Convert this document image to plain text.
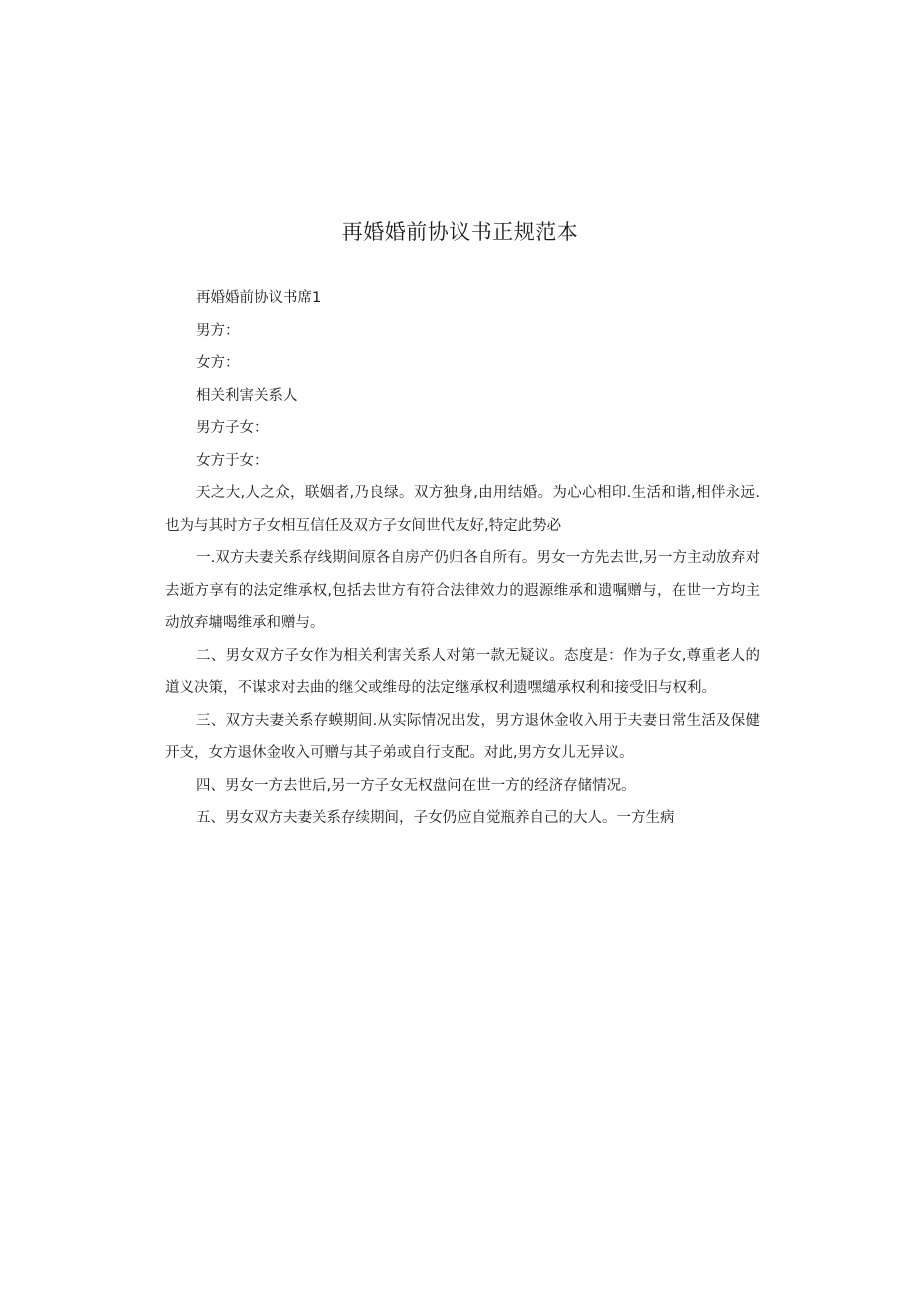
再婚婚前协议书正规范本

再婚婚前协议书席1

男方：

女方：

相关利害关系人

男方子女：

女方于女：

天之大,人之众，联姻者,乃良绿。双方独身,由用结婚。为心心相印.生活和谐,相伴永远.也为与其时方子女相互信任及双方子女间世代友好,特定此势必

一.双方夫妻关系存线期间原各自房产仍归各自所有。男女一方先去世,另一方主动放弃对去逝方享有的法定维承权,包括去世方有符合法律效力的遐源维承和遗嘱赠与，在世一方均主动放弃墉喝维承和赠与。

二、男女双方子女作为相关利害关系人对第一款无疑议。态度是：作为子女,尊重老人的道义决策，不谋求对去曲的继父或维母的法定继承权利遗嘿缱承权利和接受旧与权利。

三、双方夫妻关系存蟆期间.从实际情况出发，男方退休金收入用于夫妻日常生活及保健开支，女方退休金收入可赠与其子弟或自行支配。对此,男方女儿无异议。

四、男女一方去世后,另一方子女无权盘问在世一方的经济存储情况。

五、男女双方夫妻关系存续期间，子女仍应自觉瓶养自己的大人。一方生病
